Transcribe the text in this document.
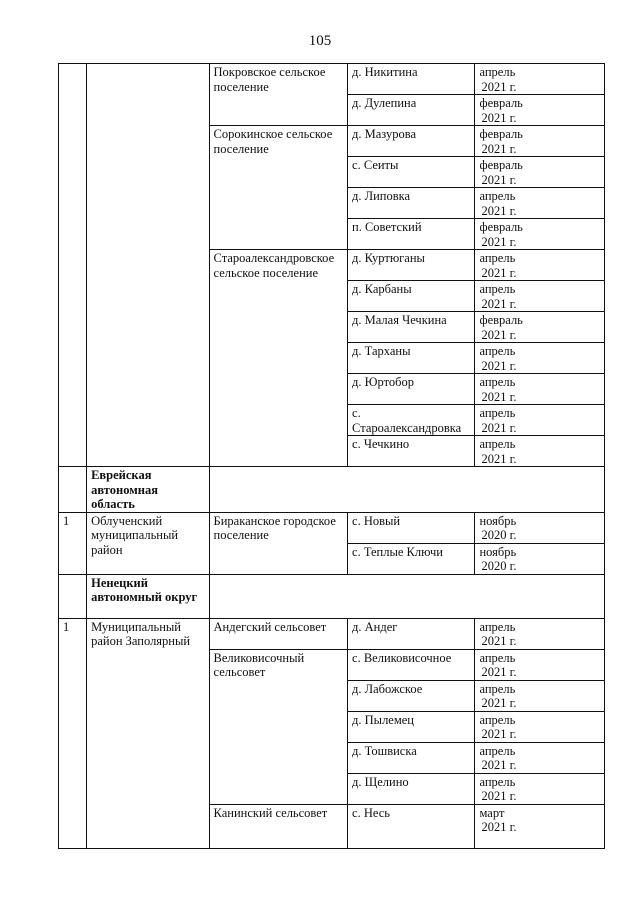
105
		Покровское сельское поселение	д. Никитина	апрель
2021 г.

			д. Дулепина	февраль
2021 г.

		Сорокинское сельское поселение	д. Мазурова	февраль
2021 г.

			с. Сеиты	февраль
2021 г.

			д. Липовка	апрель
2021 г.

			п. Советский	февраль
2021 г.

		Староалександровское сельское поселение	д. Куртюганы	апрель
2021 г.

			д. Карбаны	апрель
2021 г.

			д. Малая Чечкина	февраль
2021 г.

			д. Тарханы	апрель
2021 г.

			д. Юртобор	апрель
2021 г.

			с. Староалександровка	апрель
2021 г.

			с. Чечкино	апрель
2021 г.

	Еврейская автономная область			
1	Облученский муниципальный район	Бираканское городское поселение	с. Новый	ноябрь
2020 г.

			с. Теплые Ключи	ноябрь
2020 г.

	Ненецкий автономный округ			
1	Муниципальный район Заполярный	Андегский сельсовет	д. Андег	апрель
2021 г.

		Великовисочный сельсовет	с. Великовисочное	апрель
2021 г.

			д. Лабожское	апрель
2021 г.

			д. Пылемец	апрель
2021 г.

			д. Тошвиска	апрель
2021 г.

			д. Щелино	апрель
2021 г.

		Канинский сельсовет	с. Несь	март
2021 г.
